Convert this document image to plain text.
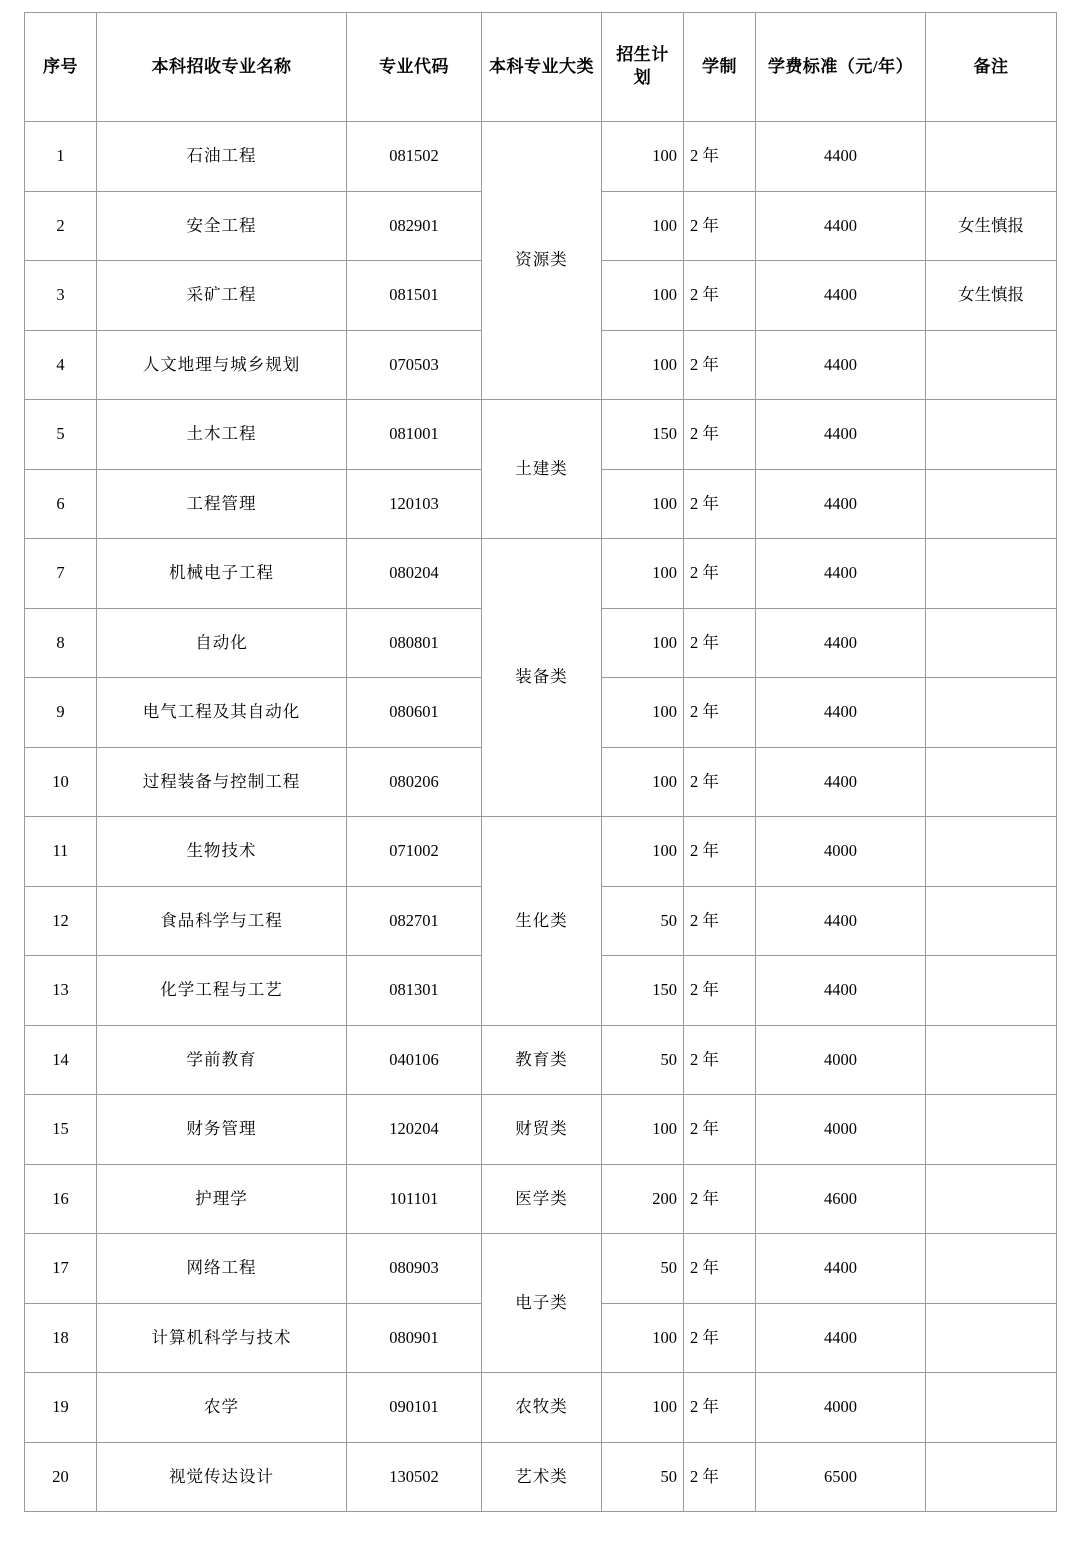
序号	本科招收专业名称	专业代码	本科专业大类	招生计划	学制	学费标准（元/年）	备注
1	石油工程	081502	资源类	100	2 年	4400	
2	安全工程	082901		100	2 年	4400	女生慎报
3	采矿工程	081501		100	2 年	4400	女生慎报
4	人文地理与城乡规划	070503		100	2 年	4400	
5	土木工程	081001	土建类	150	2 年	4400	
6	工程管理	120103		100	2 年	4400	
7	机械电子工程	080204	装备类	100	2 年	4400	
8	自动化	080801		100	2 年	4400	
9	电气工程及其自动化	080601		100	2 年	4400	
10	过程装备与控制工程	080206		100	2 年	4400	
11	生物技术	071002	生化类	100	2 年	4000	
12	食品科学与工程	082701		50	2 年	4400	
13	化学工程与工艺	081301		150	2 年	4400	
14	学前教育	040106	教育类	50	2 年	4000	
15	财务管理	120204	财贸类	100	2 年	4000	
16	护理学	101101	医学类	200	2 年	4600	
17	网络工程	080903	电子类	50	2 年	4400	
18	计算机科学与技术	080901		100	2 年	4400	
19	农学	090101	农牧类	100	2 年	4000	
20	视觉传达设计	130502	艺术类	50	2 年	6500	
